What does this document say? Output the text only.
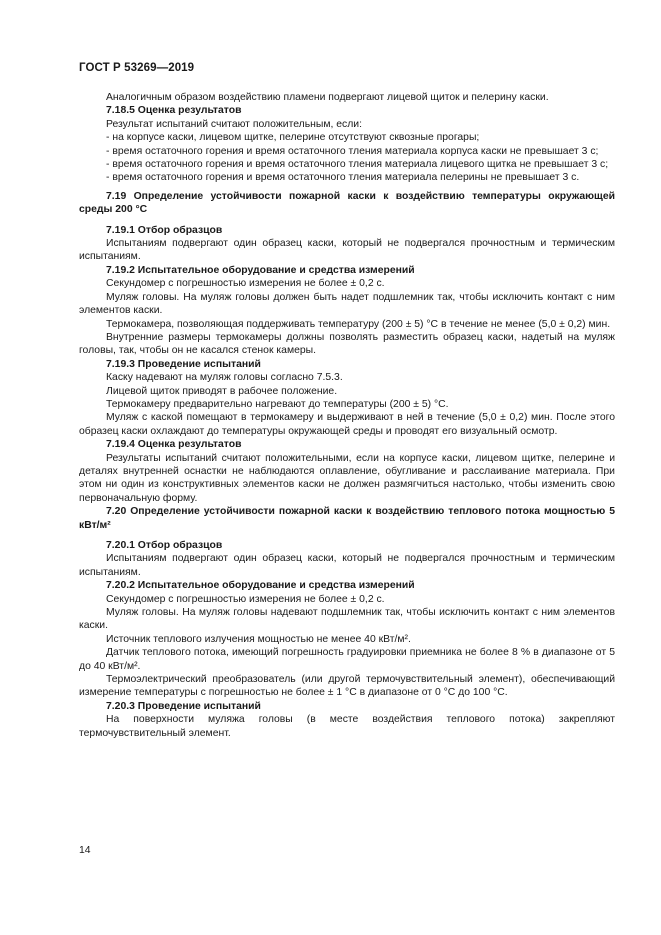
ГОСТ Р 53269—2019

Аналогичным образом воздействию пламени подвергают лицевой щиток и пелерину каски.

7.18.5 Оценка результатов

Результат испытаний считают положительным, если:

- на корпусе каски, лицевом щитке, пелерине отсутствуют сквозные прогары;

- время остаточного горения и время остаточного тления материала корпуса каски не превышает 3 с;

- время остаточного горения и время остаточного тления материала лицевого щитка не превышает 3 с;

- время остаточного горения и время остаточного тления материала пелерины не превышает 3 с.

7.19 Определение устойчивости пожарной каски к воздействию температуры окружающей среды 200 °С

7.19.1 Отбор образцов

Испытаниям подвергают один образец каски, который не подвергался прочностным и термическим испытаниям.

7.19.2 Испытательное оборудование и средства измерений

Секундомер с погрешностью измерения не более ± 0,2 с.

Муляж головы. На муляж головы должен быть надет подшлемник так, чтобы исключить контакт с ним элементов каски.

Термокамера, позволяющая поддерживать температуру (200 ± 5) °С в течение не менее (5,0 ± 0,2) мин.

Внутренние размеры термокамеры должны позволять разместить образец каски, надетый на муляж головы, так, чтобы он не касался стенок камеры.

7.19.3 Проведение испытаний

Каску надевают на муляж головы согласно 7.5.3.

Лицевой щиток приводят в рабочее положение.

Термокамеру предварительно нагревают до температуры (200 ± 5) °С.

Муляж с каской помещают в термокамеру и выдерживают в ней в течение (5,0 ± 0,2) мин. После этого образец каски охлаждают до температуры окружающей среды и проводят его визуальный осмотр.

7.19.4 Оценка результатов

Результаты испытаний считают положительными, если на корпусе каски, лицевом щитке, пелерине и деталях внутренней оснастки не наблюдаются оплавление, обугливание и расслаивание материала. При этом ни один из конструктивных элементов каски не должен размягчиться настолько, чтобы изменить свою первоначальную форму.

7.20 Определение устойчивости пожарной каски к воздействию теплового потока мощностью 5 кВт/м²

7.20.1 Отбор образцов

Испытаниям подвергают один образец каски, который не подвергался прочностным и термическим испытаниям.

7.20.2 Испытательное оборудование и средства измерений

Секундомер с погрешностью измерения не более ± 0,2 с.

Муляж головы. На муляж головы надевают подшлемник так, чтобы исключить контакт с ним элементов каски.

Источник теплового излучения мощностью не менее 40 кВт/м².

Датчик теплового потока, имеющий погрешность градуировки приемника не более 8 % в диапазоне от 5 до 40 кВт/м².

Термоэлектрический преобразователь (или другой термочувствительный элемент), обеспечивающий измерение температуры с погрешностью не более ± 1 °С в диапазоне от 0 °С до 100 °С.

7.20.3 Проведение испытаний

На поверхности муляжа головы (в месте воздействия теплового потока) закрепляют термочувствительный элемент.

14
